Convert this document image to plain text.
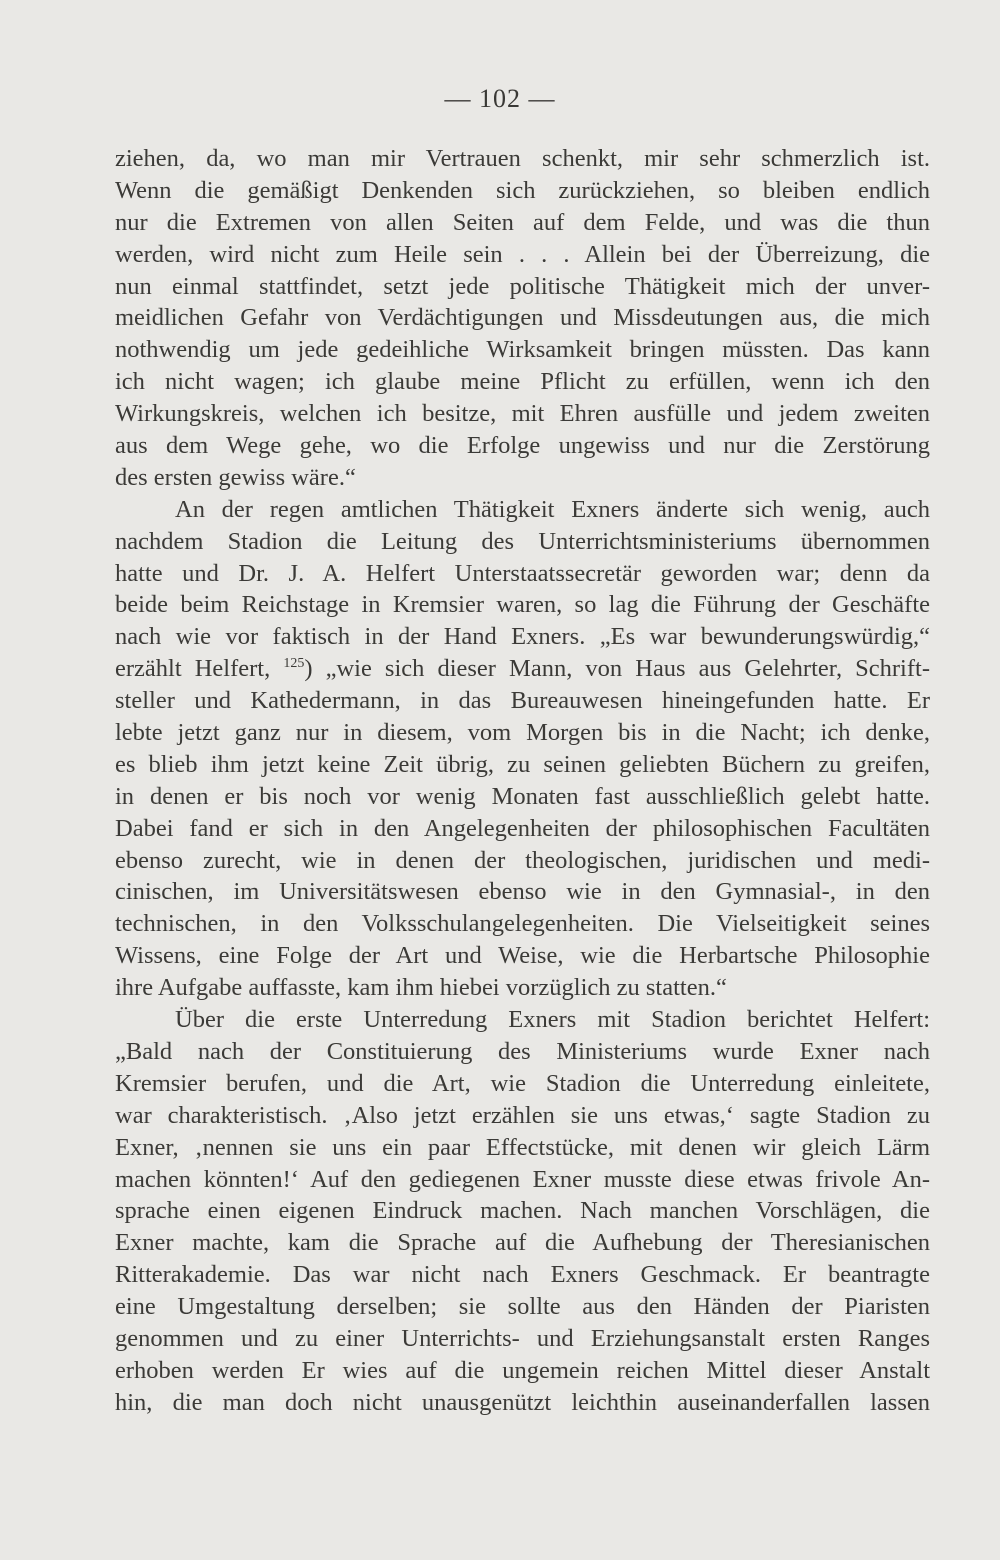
— 102 —
ziehen, da, wo man mir Vertrauen schenkt, mir sehr schmerzlich ist.
Wenn die gemäßigt Denkenden sich zurückziehen, so bleiben endlich
nur die Extremen von allen Seiten auf dem Felde, und was die thun
werden, wird nicht zum Heile sein . . . Allein bei der Überreizung, die
nun einmal stattfindet, setzt jede politische Thätigkeit mich der unver-
meidlichen Gefahr von Verdächtigungen und Missdeutungen aus, die mich
nothwendig um jede gedeihliche Wirksamkeit bringen müssten. Das kann
ich nicht wagen; ich glaube meine Pflicht zu erfüllen, wenn ich den
Wirkungskreis, welchen ich besitze, mit Ehren ausfülle und jedem zweiten
aus dem Wege gehe, wo die Erfolge ungewiss und nur die Zerstörung
des ersten gewiss wäre.“
An der regen amtlichen Thätigkeit Exners änderte sich wenig, auch
nachdem Stadion die Leitung des Unterrichtsministeriums übernommen
hatte und Dr. J. A. Helfert Unterstaatssecretär geworden war; denn da
beide beim Reichstage in Kremsier waren, so lag die Führung der Geschäfte
nach wie vor faktisch in der Hand Exners. „Es war bewunderungswürdig,“
erzählt Helfert, $^{125}$) „wie sich dieser Mann, von Haus aus Gelehrter, Schrift-
steller und Kathedermann, in das Bureauwesen hineingefunden hatte. Er
lebte jetzt ganz nur in diesem, vom Morgen bis in die Nacht; ich denke,
es blieb ihm jetzt keine Zeit übrig, zu seinen geliebten Büchern zu greifen,
in denen er bis noch vor wenig Monaten fast ausschließlich gelebt hatte.
Dabei fand er sich in den Angelegenheiten der philosophischen Facultäten
ebenso zurecht, wie in denen der theologischen, juridischen und medi-
cinischen, im Universitätswesen ebenso wie in den Gymnasial-, in den
technischen, in den Volksschulangelegenheiten. Die Vielseitigkeit seines
Wissens, eine Folge der Art und Weise, wie die Herbartsche Philosophie
ihre Aufgabe auffasste, kam ihm hiebei vorzüglich zu statten.“
Über die erste Unterredung Exners mit Stadion berichtet Helfert:
„Bald nach der Constituierung des Ministeriums wurde Exner nach
Kremsier berufen, und die Art, wie Stadion die Unterredung einleitete,
war charakteristisch. ‚Also jetzt erzählen sie uns etwas,‘ sagte Stadion zu
Exner, ‚nennen sie uns ein paar Effectstücke, mit denen wir gleich Lärm
machen könnten!‘ Auf den gediegenen Exner musste diese etwas frivole An-
sprache einen eigenen Eindruck machen. Nach manchen Vorschlägen, die
Exner machte, kam die Sprache auf die Aufhebung der Theresianischen
Ritterakademie. Das war nicht nach Exners Geschmack. Er beantragte
eine Umgestaltung derselben; sie sollte aus den Händen der Piaristen
genommen und zu einer Unterrichts- und Erziehungsanstalt ersten Ranges
erhoben werden Er wies auf die ungemein reichen Mittel dieser Anstalt
hin, die man doch nicht unausgenützt leichthin auseinanderfallen lassen
